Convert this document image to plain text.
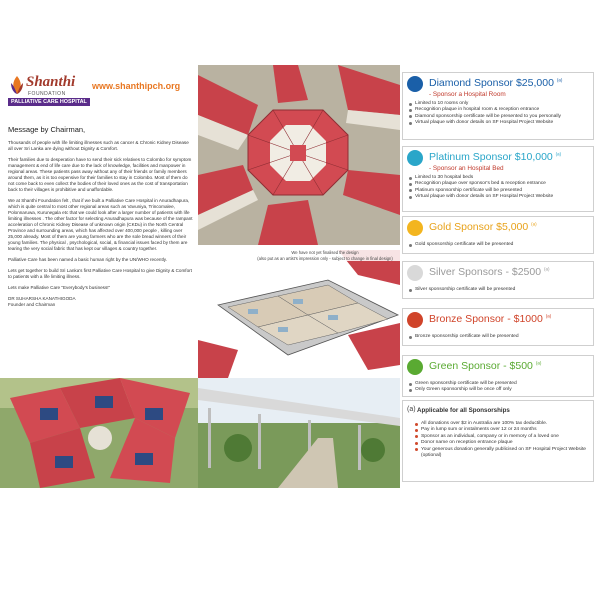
Shanthi
FOUNDATION
PALLIATIVE CARE HOSPITAL
www.shanthipch.org
Message by Chairman,

Thousands of people with life limiting illnesses such as cancer & Chronic Kidney Disease all over Sri Lanka are dying without Dignity & Comfort.

Their families due to desperation have to send their sick relatives to Colombo for symptom management & end of life care due to the lack of knowledge, facilities and manpower in regional areas. These patients pass away without any of their friends or family members around them, as it is too expensive for their families to stay in Colombo. Most of them do not come back to even collect the bodies of their loved ones as the cost of transportation back to their villages is prohibitive and unaffordable.

We at Shanthi Foundation felt , that if we built a Palliative Care Hospital in Anuradhapura, which is quite central to most other regional areas such as Vavuniya, Trincomalee, Polonnaruwa, Kurunegala etc that we could look after a larger number of patients with life limiting illnesses . The other factor for selecting Anuradhapura was because of the rampant acceleration of Chronic Kidney Disease of unknown origin (CKDu) in the North Central Province and surrounding areas, which has affected over 400,000 people , killing over 25,000 already. Most of them are young farmers who are the sole bread winners of their young families. The physical , psychological, social, & financial issues faced by them are tearing the very social fabric that has kept our villages & country together.

Palliative Care has been named a basic human right by the UN/WHO recently.

Lets get together to build Sri Lanka's first Palliative Care Hospital to give Dignity & Comfort to patients with a life limiting illness.

Lets make Palliative Care "Everybody's business!"

DR SUHARSHA KANATHIGODA

Founder and Chairman

We have not yet finalised the design
(also put as an artist's impression only - subject to change in final design)
Diamond Sponsor $25,000 $^{(a)}$
- Sponsor a Hospital Room
Limited to 10 rooms only
Recognition plaque in hospital room & reception entrance
Diamond sponsorship certificate will be presented to you personally
Virtual plaque with donor details on SF Hospital Project Website
Platinum Sponsor $10,000 $^{(a)}$
- Sponsor an Hospital Bed
Limited to 30 hospital beds
Recognition plaque over sponsor's bed & reception entrance
Platinum sponsorship certificate will be presented
Virtual plaque with donor details on SF Hospital Project Website
Gold Sponsor $5,000 $^{(a)}$
Gold sponsorship certificate will be presented
Silver Sponsors - $2500 $^{(a)}$
Silver sponsorship certificate will be presented
Bronze Sponsor - $1000 $^{(a)}$
Bronze sponsorship certificate will be presented
Green Sponsor - $500 $^{(a)}$
Green sponsorship certificate will be presented
Only Green sponsorship will be once off only
(a) Applicable for all Sponsorships
All donations over $2 in Australia are 100% tax deductible.
Pay in lump sum or instalments over 12 or 24 months
Sponsor as an individual, company or in memory of a loved one
Donor name on reception entrance plaque
Your generous donation generally publicised on SF Hospital Project Website (optional)
